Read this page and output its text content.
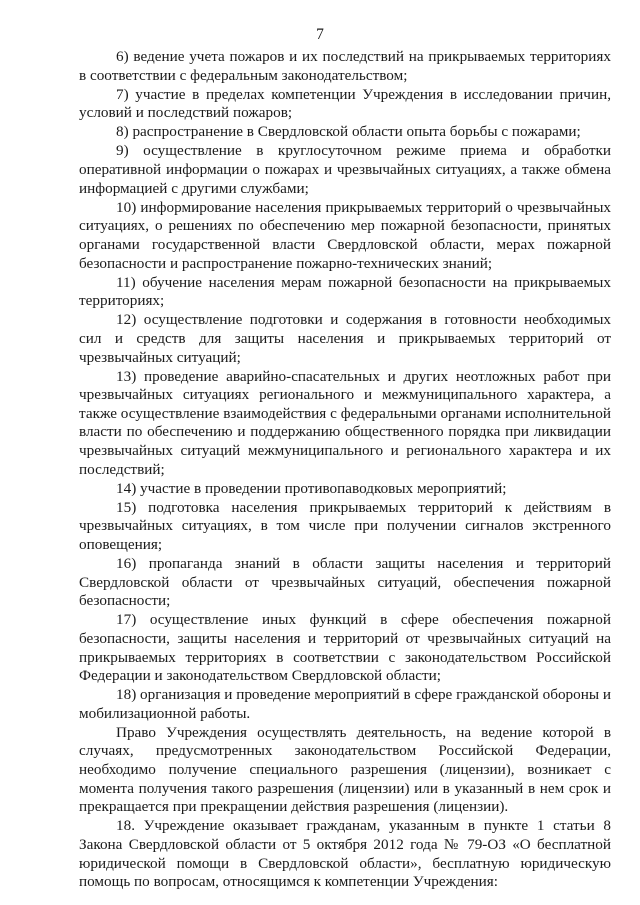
7

6) ведение учета пожаров и их последствий на прикрываемых территориях в соответствии с федеральным законодательством;

7) участие в пределах компетенции Учреждения в исследовании причин, условий и последствий пожаров;

8) распространение в Свердловской области опыта борьбы с пожарами;

9) осуществление в круглосуточном режиме приема и обработки оперативной информации о пожарах и чрезвычайных ситуациях, а также обмена информацией с другими службами;

10) информирование населения прикрываемых территорий о чрезвычайных ситуациях, о решениях по обеспечению мер пожарной безопасности, принятых органами государственной власти Свердловской области, мерах пожарной безопасности и распространение пожарно-технических знаний;

11) обучение населения мерам пожарной безопасности на прикрываемых территориях;

12) осуществление подготовки и содержания в готовности необходимых сил и средств для защиты населения и прикрываемых территорий от чрезвычайных ситуаций;

13) проведение аварийно-спасательных и других неотложных работ при чрезвычайных ситуациях регионального и межмуниципального характера, а также осуществление взаимодействия с федеральными органами исполнительной власти по обеспечению и поддержанию общественного порядка при ликвидации чрезвычайных ситуаций межмуниципального и регионального характера и их последствий;

14) участие в проведении противопаводковых мероприятий;

15) подготовка населения прикрываемых территорий к действиям в чрезвычайных ситуациях, в том числе при получении сигналов экстренного оповещения;

16) пропаганда знаний в области защиты населения и территорий Свердловской области от чрезвычайных ситуаций, обеспечения пожарной безопасности;

17) осуществление иных функций в сфере обеспечения пожарной безопасности, защиты населения и территорий от чрезвычайных ситуаций на прикрываемых территориях в соответствии с законодательством Российской Федерации и законодательством Свердловской области;

18) организация и проведение мероприятий в сфере гражданской обороны и мобилизационной работы.

Право Учреждения осуществлять деятельность, на ведение которой в случаях, предусмотренных законодательством Российской Федерации, необходимо получение специального разрешения (лицензии), возникает с момента получения такого разрешения (лицензии) или в указанный в нем срок и прекращается при прекращении действия разрешения (лицензии).

18. Учреждение оказывает гражданам, указанным в пункте 1 статьи 8 Закона Свердловской области от 5 октября 2012 года № 79-ОЗ «О бесплатной юридической помощи в Свердловской области», бесплатную юридическую помощь по вопросам, относящимся к компетенции Учреждения:
